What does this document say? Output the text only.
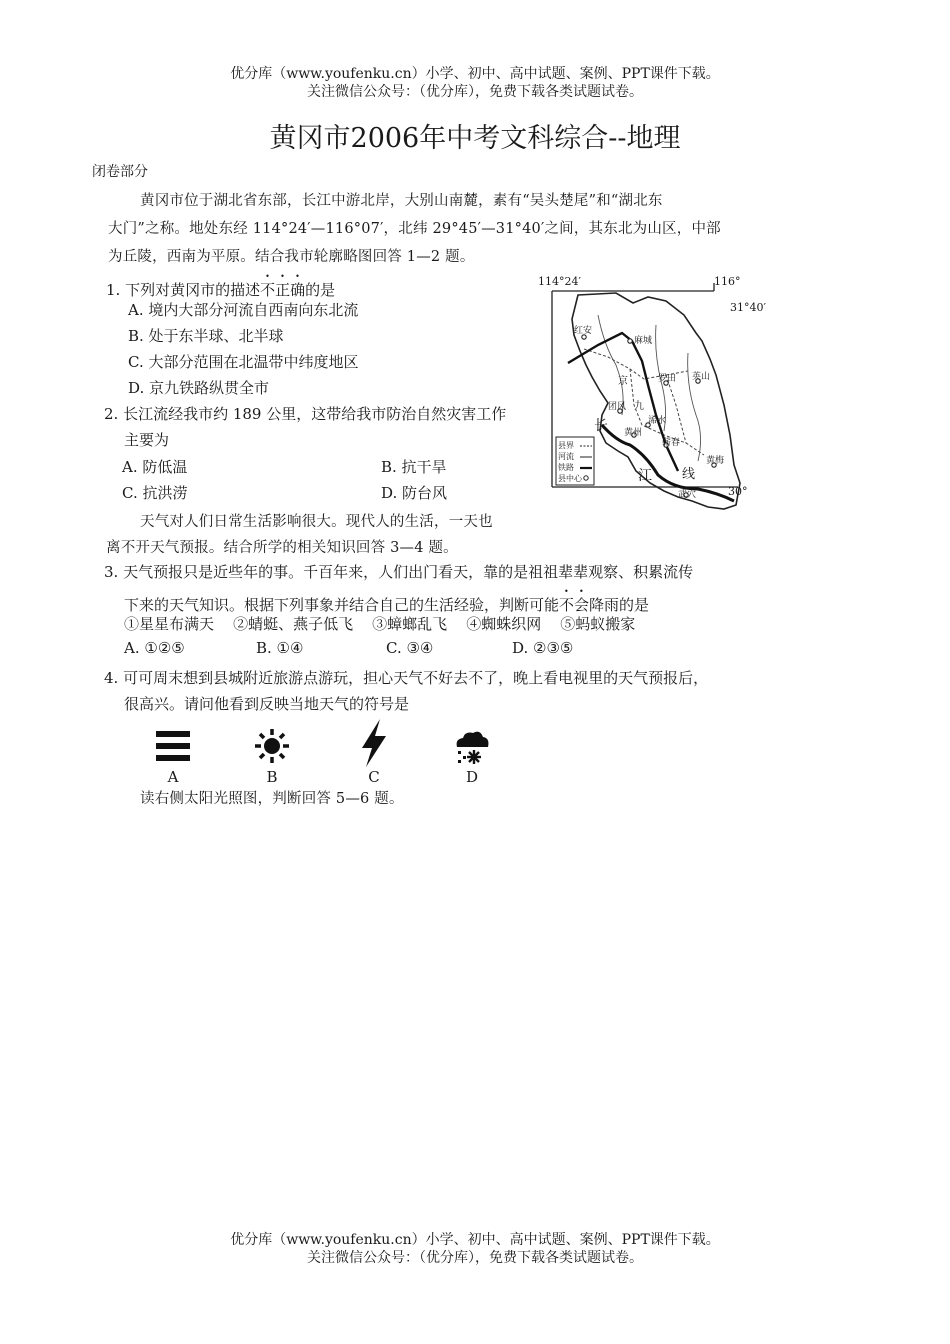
优分库（www.youfenku.cn）小学、初中、高中试题、案例、PPT课件下载。
关注微信公众号：（优分库），免费下载各类试题试卷。
黄冈市2006年中考文科综合--地理
闭卷部分
黄冈市位于湖北省东部，长江中游北岸，大别山南麓，素有“吴头楚尾”和“湖北东
大门”之称。地处东经 114°24′—116°07′，北纬 29°45′—31°40′之间，其东北为山区，中部
为丘陵，西南为平原。结合我市轮廓略图回答 1—2 题。
1. 下列对黄冈市的描述不正确的是
A. 境内大部分河流自西南向东北流
B. 处于东半球、北半球
C. 大部分范围在北温带中纬度地区
D. 京九铁路纵贯全市
2. 长江流经我市约 189 公里，这带给我市防治自然灾害工作
主要为
A. 防低温	B. 抗干旱
C. 抗洪涝	D. 防台风
天气对人们日常生活影响很大。现代人的生活，一天也
离不开天气预报。结合所学的相关知识回答 3—4 题。
3. 天气预报只是近些年的事。千百年来，人们出门看天，靠的是祖祖辈辈观察、积累流传
下来的天气知识。根据下列事象并结合自己的生活经验，判断可能不会降雨的是
①星星布满天    ②蜻蜓、燕子低飞    ③蟑螂乱飞    ④蜘蛛织网    ⑤蚂蚁搬家
A. ①②⑤	B. ①④	C. ③④	D. ②③⑤
4. 可可周末想到县城附近旅游点游玩，担心天气不好去不了，晚上看电视里的天气预报后，
很高兴。请问他看到反映当地天气的符号是
A	B	C	D
读右侧太阳光照图，判断回答 5—6 题。
114°24′	116°
31°40′
30°
红安
麻城
京
九
罗田 英山
团风
浠水
黄州
蕲春
黄梅
武穴
长
江 线
县界
河流
铁路
县中心
优分库（www.youfenku.cn）小学、初中、高中试题、案例、PPT课件下载。
关注微信公众号：（优分库），免费下载各类试题试卷。
